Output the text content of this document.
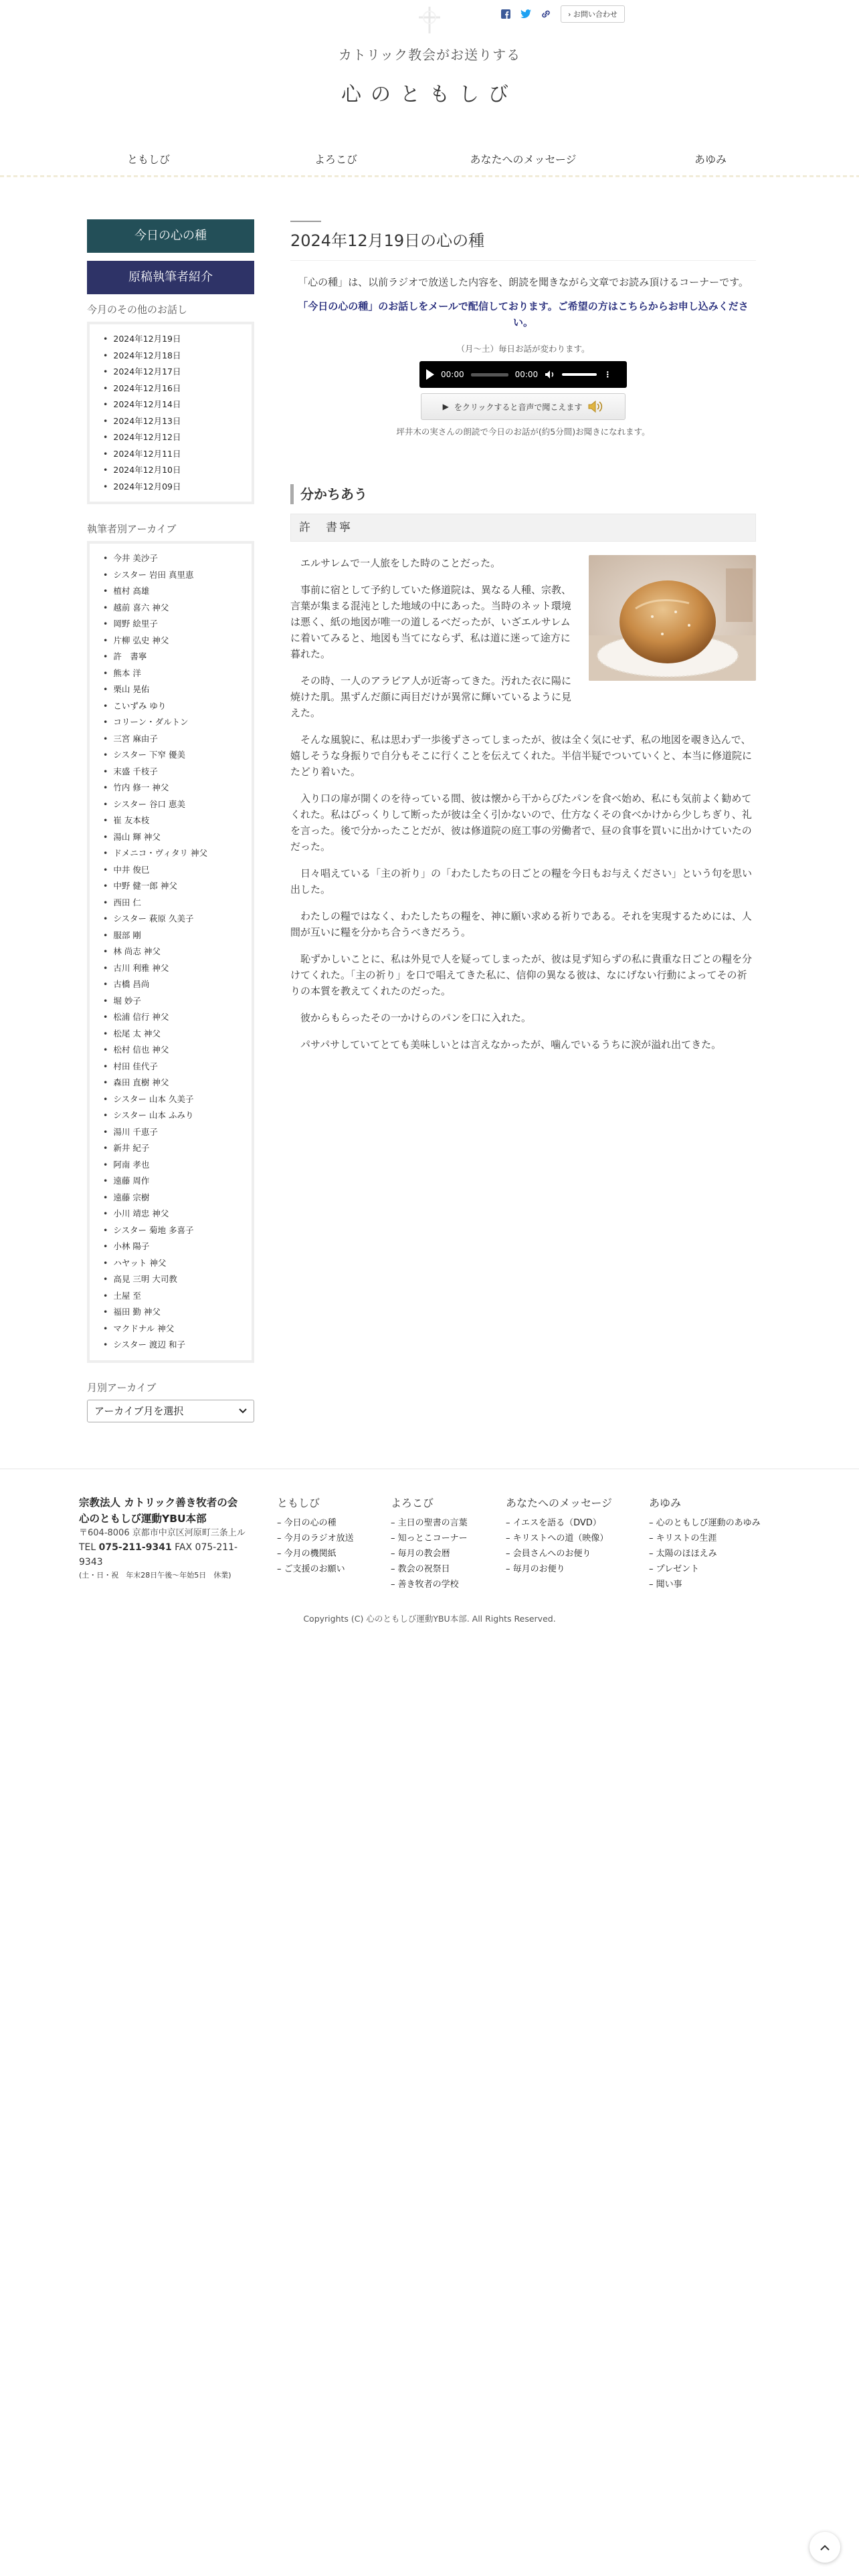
› お問い合わせ
カトリック教会がお送りする
心のともしび
ともしび	よろこび	あなたへのメッセージ	あゆみ
今日の心の種
原稿執筆者紹介
今月のその他のお話し
• 2024年12月19日
• 2024年12月18日
• 2024年12月17日
• 2024年12月16日
• 2024年12月14日
• 2024年12月13日
• 2024年12月12日
• 2024年12月11日
• 2024年12月10日
• 2024年12月09日
執筆者別アーカイブ
• 今井 美沙子
• シスター 岩田 真里恵
• 植村 高雄
• 越前 喜六 神父
• 岡野 絵里子
• 片柳 弘史 神父
• 許　書寧
• 熊本 洋
• 栗山 晃佑
• こいずみ ゆり
• コリーン・ダルトン
• 三宮 麻由子
• シスター 下窄 優美
• 末盛 千枝子
• 竹内 修一 神父
• シスター 谷口 恵美
• 崔 友本枝
• 湯山 輝 神父
• ドメニコ・ヴィタリ 神父
• 中井 俊巳
• 中野 健一郎 神父
• 西田 仁
• シスター 萩原 久美子
• 服部 剛
• 林 尚志 神父
• 古川 利雅 神父
• 古橋 昌尚
• 堀 妙子
• 松浦 信行 神父
• 松尾 太 神父
• 松村 信也 神父
• 村田 佳代子
• 森田 直樹 神父
• シスター 山本 久美子
• シスター 山本 ふみり
• 湯川 千恵子
• 新井 紀子
• 阿南 孝也
• 遠藤 周作
• 遠藤 宗樹
• 小川 靖忠 神父
• シスター 菊地 多喜子
• 小林 陽子
• ハヤット 神父
• 高見 三明 大司教
• 土屋 至
• 福田 勤 神父
• マクドナル 神父
• シスター 渡辺 和子
月別アーカイブ
アーカイブ月を選択
2024年12月19日の心の種

「心の種」は、以前ラジオで放送した内容を、朗読を聞きながら文章でお読み頂けるコーナーです。

「今日の心の種」のお話しをメールで配信しております。ご希望の方はこちらからお申し込みください。

（月〜土）毎日お話が変わります。

00:00	00:00	⋮
▶ をクリックすると音声で聞こえます

坪井木の実さんの朗読で今日のお話が(約5分間)お聞きになれます。

分かちあう
許　書寧

エルサレムで一人旅をした時のことだった。

事前に宿として予約していた修道院は、異なる人種、宗教、言葉が集まる混沌とした地域の中にあった。当時のネット環境は悪く、紙の地図が唯一の道しるべだったが、いざエルサレムに着いてみると、地図も当てにならず、私は道に迷って途方に暮れた。

その時、一人のアラビア人が近寄ってきた。汚れた衣に陽に焼けた肌。黒ずんだ顔に両目だけが異常に輝いているように見えた。

そんな風貌に、私は思わず一歩後ずさってしまったが、彼は全く気にせず、私の地図を覗き込んで、嬉しそうな身振りで自分もそこに行くことを伝えてくれた。半信半疑でついていくと、本当に修道院にたどり着いた。

入り口の扉が開くのを待っている間、彼は懐から干からびたパンを食べ始め、私にも気前よく勧めてくれた。私はびっくりして断ったが彼は全く引かないので、仕方なくその食べかけから少しちぎり、礼を言った。後で分かったことだが、彼は修道院の庭工事の労働者で、昼の食事を買いに出かけていたのだった。

日々唱えている「主の祈り」の「わたしたちの日ごとの糧を今日もお与えください」という句を思い出した。

わたしの糧ではなく、わたしたちの糧を、神に願い求める祈りである。それを実現するためには、人間が互いに糧を分かち合うべきだろう。

恥ずかしいことに、私は外見で人を疑ってしまったが、彼は見ず知らずの私に貴重な日ごとの糧を分けてくれた。「主の祈り」を口で唱えてきた私に、信仰の異なる彼は、なにげない行動によってその祈りの本質を教えてくれたのだった。

彼からもらったその一かけらのパンを口に入れた。

パサパサしていてとても美味しいとは言えなかったが、噛んでいるうちに涙が溢れ出てきた。

宗教法人 カトリック善き牧者の会
心のともしび運動YBU本部
〒604-8006 京都市中京区河原町三条上ル
TEL 075-211-9341 FAX 075-211-9343
(土・日・祝　年末28日午後〜年始5日　休業)
ともしび
– 今日の心の種
– 今月のラジオ放送
– 今月の機関紙
– ご支援のお願い
よろこび
– 主日の聖書の言葉
– 知っとこコーナー
– 毎月の教会暦
– 教会の祝祭日
– 善き牧者の学校
あなたへのメッセージ
– イエスを語る（DVD）
– キリストへの道（映像）
– 会員さんへのお便り
– 毎月のお便り
あゆみ
– 心のともしび運動のあゆみ
– キリストの生涯
– 太陽のほほえみ
– プレゼント
– 聞い事
Copyrights (C) 心のともしび運動YBU本部. All Rights Reserved.
